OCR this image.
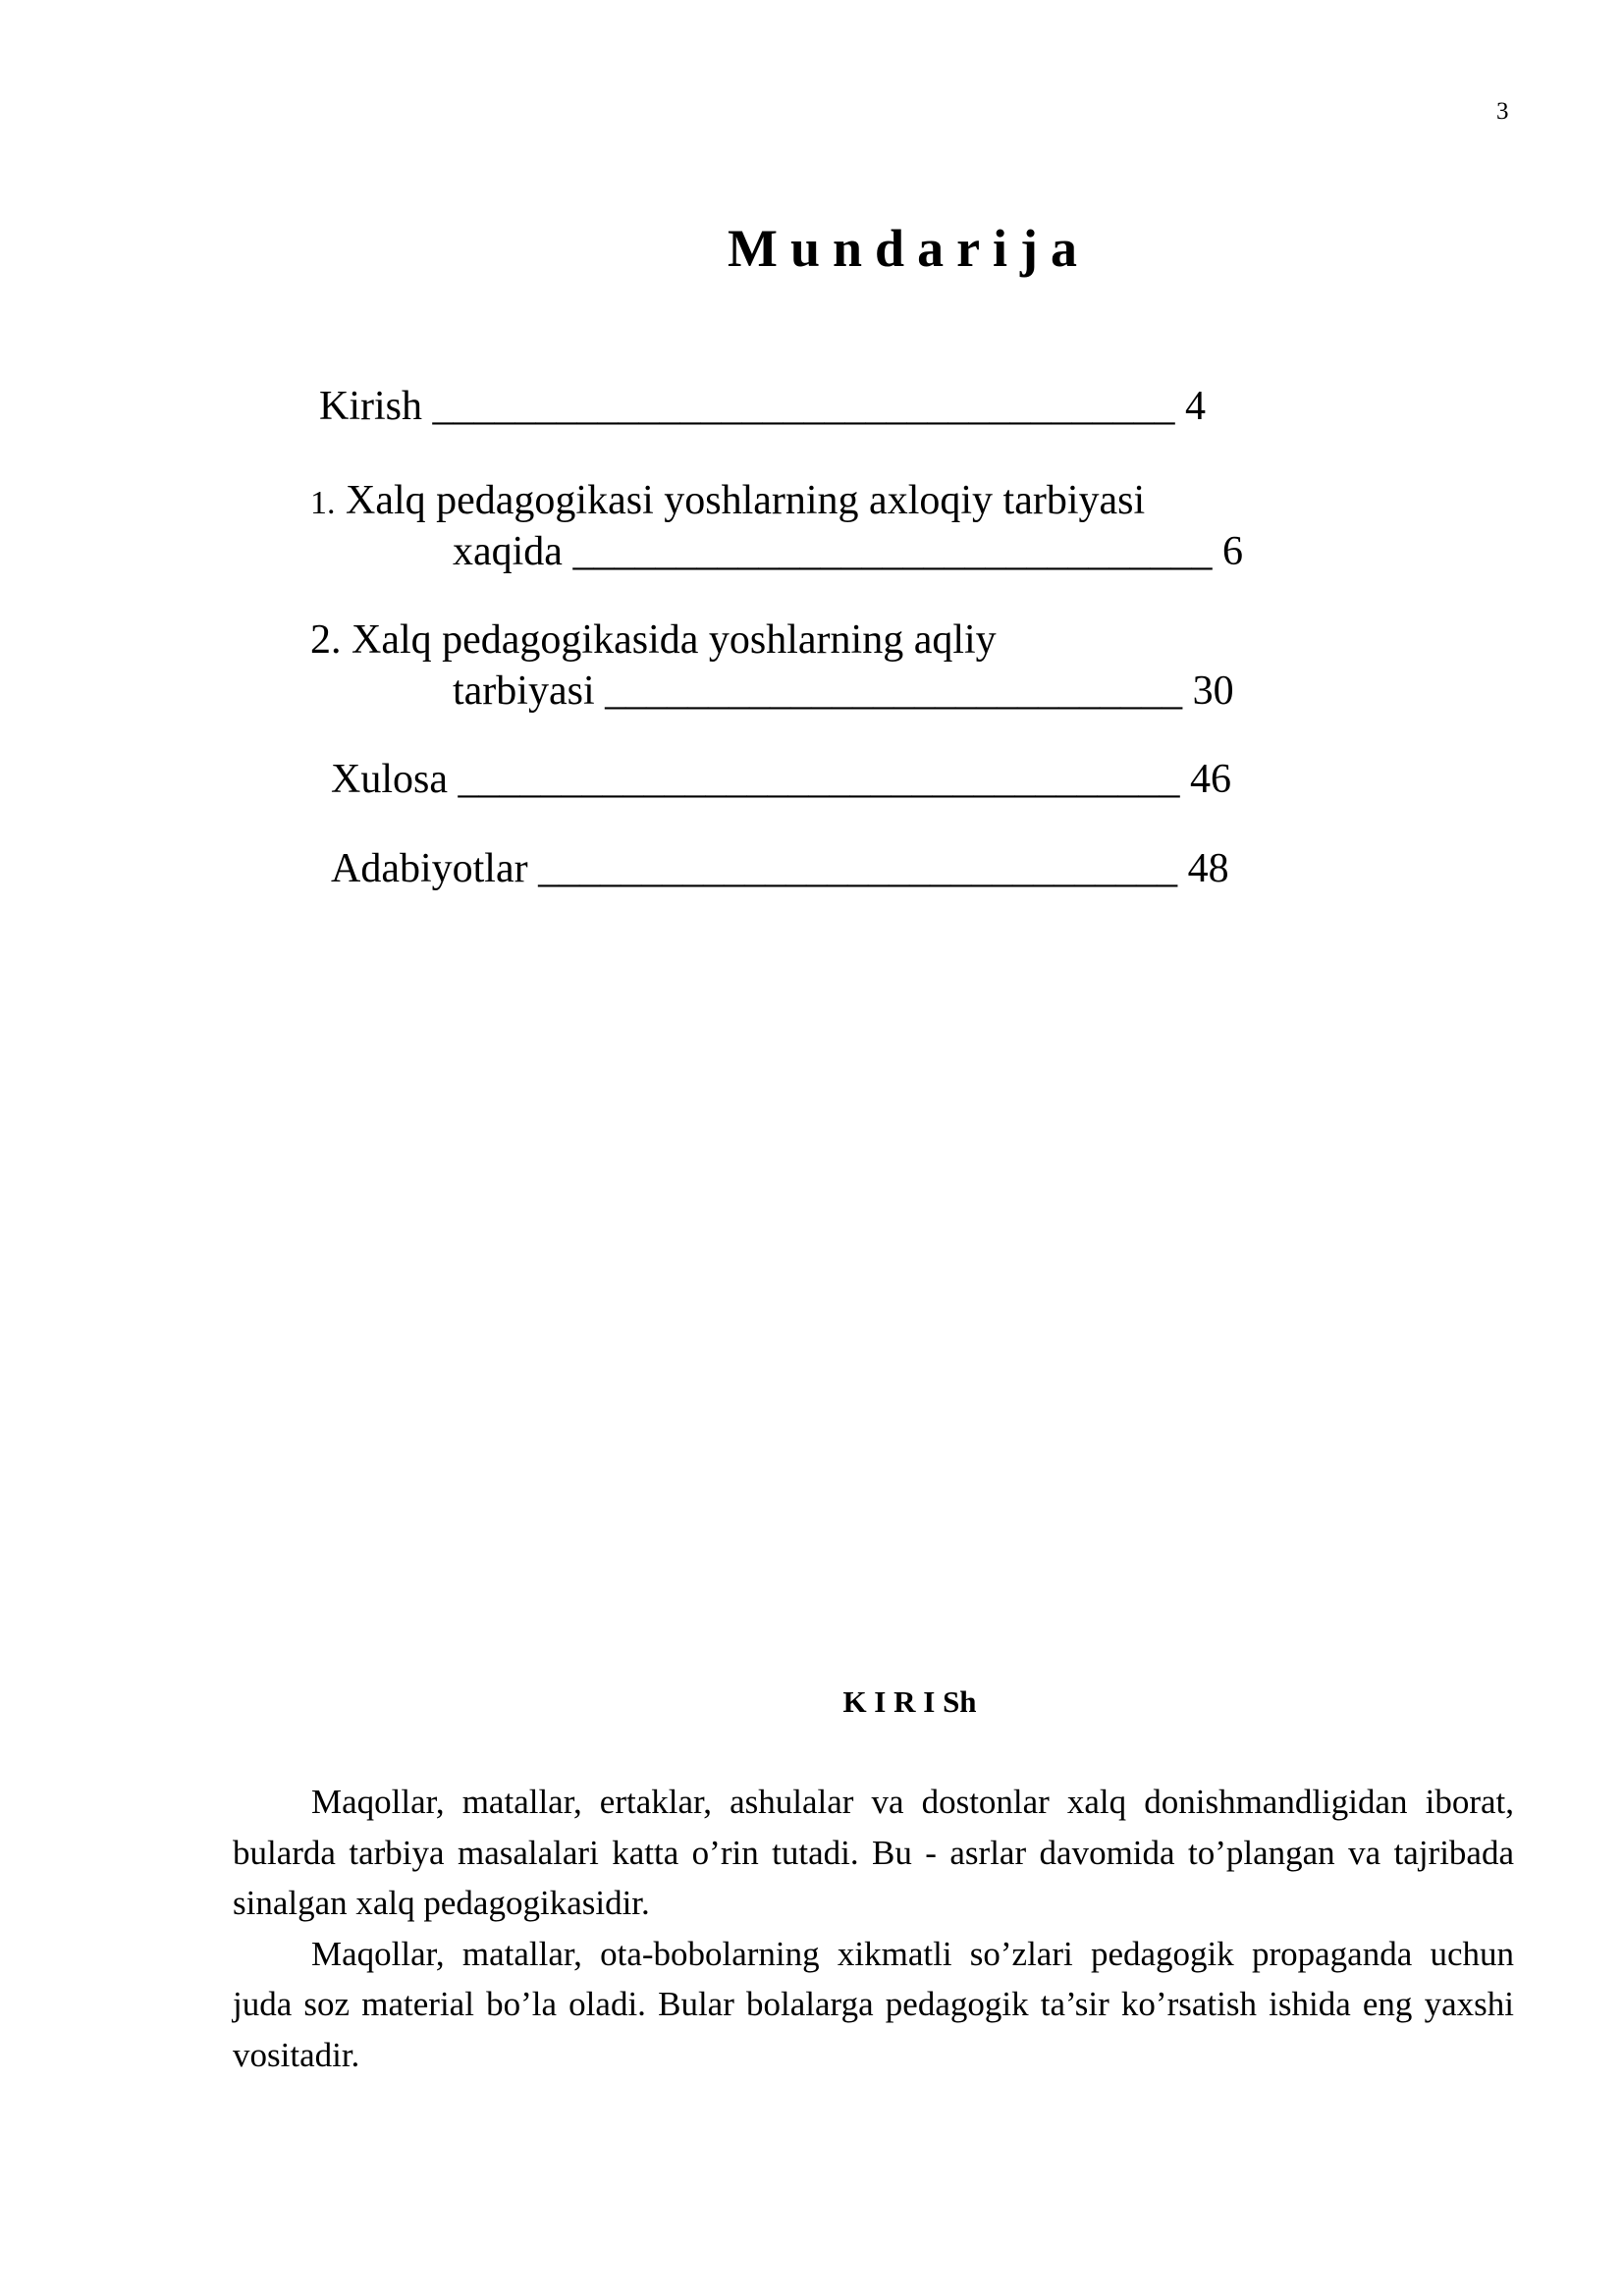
3
Mundarija
Kirish ____________________________________ 4
1. Xalq pedagogikasi yoshlarning axloqiy tarbiyasi
xaqida _______________________________ 6
2. Xalq pedagogikasida yoshlarning aqliy
tarbiyasi ____________________________ 30
Xulosa ___________________________________ 46
Adabiyotlar _______________________________ 48
K I R I Sh

Maqollar, matallar, ertaklar, ashulalar va dostonlar xalq donishmandligidan iborat, bularda tarbiya masalalari katta o’rin tutadi. Bu - asrlar davomida to’plangan va tajribada sinalgan xalq pedagogikasidir.

Maqollar, matallar, ota-bobolarning xikmatli so’zlari pedagogik propaganda uchun juda soz material bo’la oladi. Bular bolalarga pedagogik ta’sir ko’rsatish ishida eng yaxshi vositadir.
